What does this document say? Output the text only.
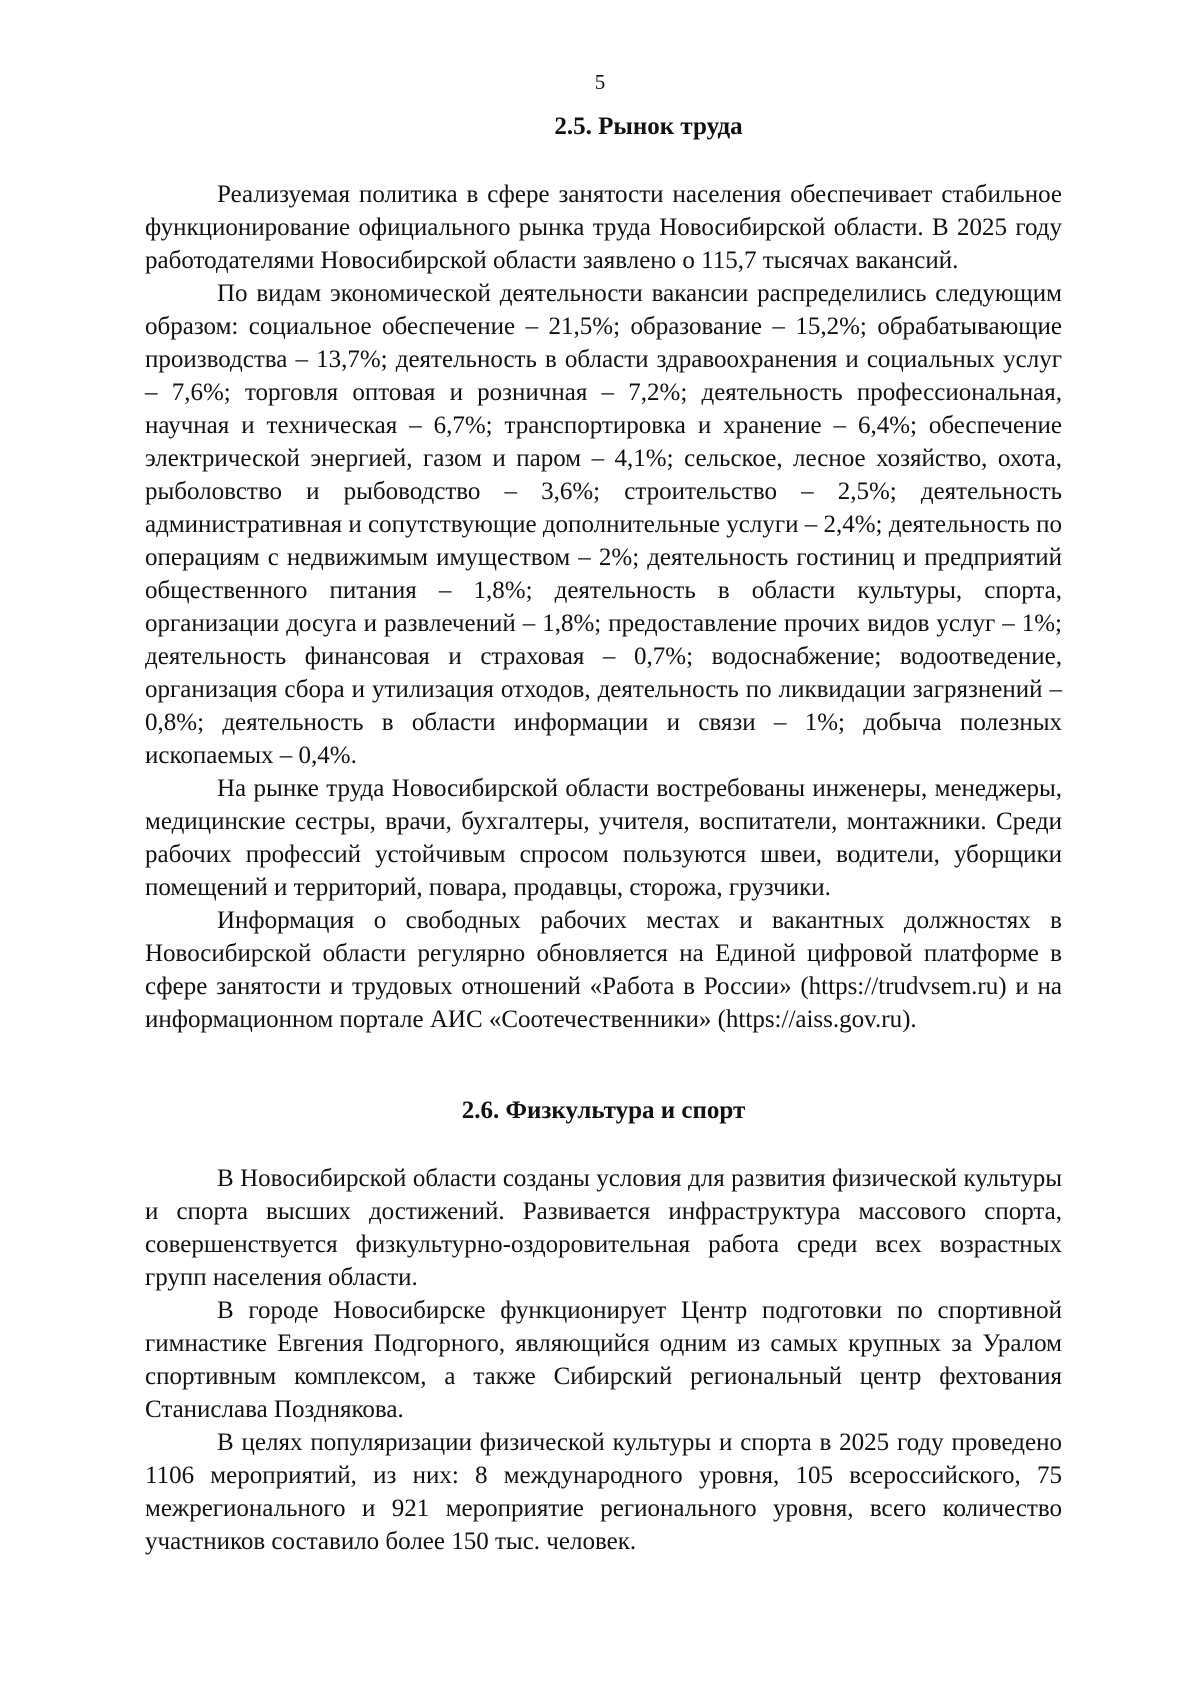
5
2.5. Рынок труда

Реализуемая политика в сфере занятости населения обеспечивает стабильное функционирование официального рынка труда Новосибирской области. В 2025 году работодателями Новосибирской области заявлено о 115,7 тысячах вакансий.

По видам экономической деятельности вакансии распределились следующим образом: социальное обеспечение – 21,5%; образование – 15,2%; обрабатывающие производства – 13,7%; деятельность в области здравоохранения и социальных услуг – 7,6%; торговля оптовая и розничная – 7,2%; деятельность профессиональная, научная и техническая – 6,7%; транспортировка и хранение – 6,4%; обеспечение электрической энергией, газом и паром – 4,1%; сельское, лесное хозяйство, охота, рыболовство и рыбоводство – 3,6%; строительство – 2,5%; деятельность административная и сопутствующие дополнительные услуги – 2,4%; деятельность по операциям с недвижимым имуществом – 2%; деятельность гостиниц и предприятий общественного питания – 1,8%; деятельность в области культуры, спорта, организации досуга и развлечений – 1,8%; предоставление прочих видов услуг – 1%; деятельность финансовая и страховая – 0,7%; водоснабжение; водоотведение, организация сбора и утилизация отходов, деятельность по ликвидации загрязнений – 0,8%; деятельность в области информации и связи – 1%; добыча полезных ископаемых – 0,4%.

На рынке труда Новосибирской области востребованы инженеры, менеджеры, медицинские сестры, врачи, бухгалтеры, учителя, воспитатели, монтажники. Среди рабочих профессий устойчивым спросом пользуются швеи, водители, уборщики помещений и территорий, повара, продавцы, сторожа, грузчики.

Информация о свободных рабочих местах и вакантных должностях в Новосибирской области регулярно обновляется на Единой цифровой платформе в сфере занятости и трудовых отношений «Работа в России» (https://trudvsem.ru) и на информационном портале АИС «Соотечественники» (https://aiss.gov.ru).

2.6. Физкультура и спорт

В Новосибирской области созданы условия для развития физической культуры и спорта высших достижений. Развивается инфраструктура массового спорта, совершенствуется физкультурно-оздоровительная работа среди всех возрастных групп населения области.

В городе Новосибирске функционирует Центр подготовки по спортивной гимнастике Евгения Подгорного, являющийся одним из самых крупных за Уралом спортивным комплексом, а также Сибирский региональный центр фехтования Станислава Позднякова.

В целях популяризации физической культуры и спорта в 2025 году проведено 1106 мероприятий, из них: 8 международного уровня, 105 всероссийского, 75 межрегионального и 921 мероприятие регионального уровня, всего количество участников составило более 150 тыс. человек.
